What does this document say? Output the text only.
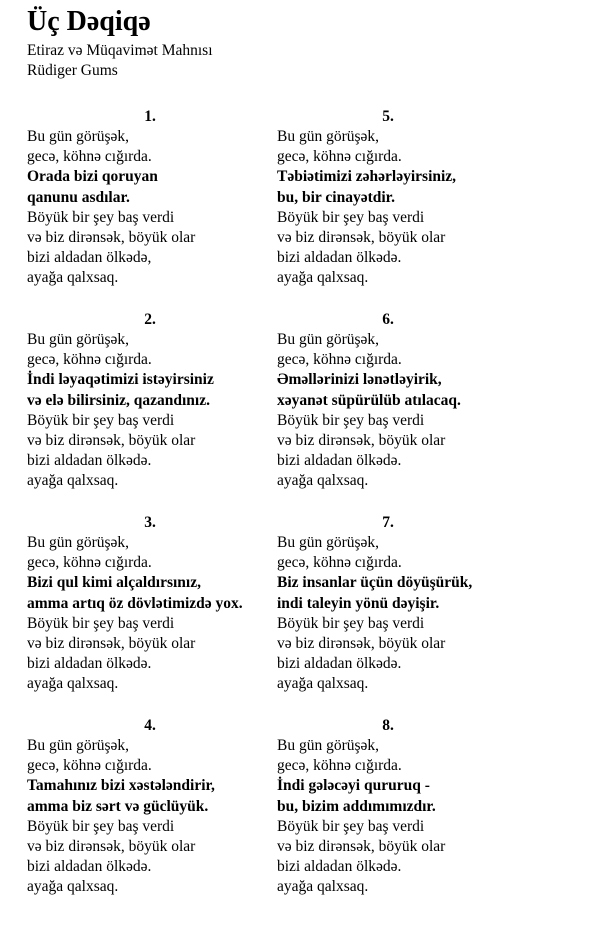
Üç Dəqiqə
Etiraz və Müqavimət Mahnısı
Rüdiger Gums
1.
Bu gün görüşək,
gecə, köhnə cığırda.
Orada bizi qoruyan
qanunu asdılar.
Böyük bir şey baş verdi
və biz dirənsək, böyük olar
bizi aldadan ölkədə,
ayağa qalxsaq.
2.
Bu gün görüşək,
gecə, köhnə cığırda.
İndi ləyaqətimizi istəyirsiniz
və elə bilirsiniz, qazandınız.
Böyük bir şey baş verdi
və biz dirənsək, böyük olar
bizi aldadan ölkədə.
ayağa qalxsaq.
3.
Bu gün görüşək,
gecə, köhnə cığırda.
Bizi qul kimi alçaldırsınız,
amma artıq öz dövlətimizdə yox.
Böyük bir şey baş verdi
və biz dirənsək, böyük olar
bizi aldadan ölkədə.
ayağa qalxsaq.
4.
Bu gün görüşək,
gecə, köhnə cığırda.
Tamahınız bizi xəstələndirir,
amma biz sərt və güclüyük.
Böyük bir şey baş verdi
və biz dirənsək, böyük olar
bizi aldadan ölkədə.
ayağa qalxsaq.
5.
Bu gün görüşək,
gecə, köhnə cığırda.
Təbiətimizi zəhərləyirsiniz,
bu, bir cinayətdir.
Böyük bir şey baş verdi
və biz dirənsək, böyük olar
bizi aldadan ölkədə.
ayağa qalxsaq.
6.
Bu gün görüşək,
gecə, köhnə cığırda.
Əməllərinizi lənətləyirik,
xəyanət süpürülüb atılacaq.
Böyük bir şey baş verdi
və biz dirənsək, böyük olar
bizi aldadan ölkədə.
ayağa qalxsaq.
7.
Bu gün görüşək,
gecə, köhnə cığırda.
Biz insanlar üçün döyüşürük,
indi taleyin yönü dəyişir.
Böyük bir şey baş verdi
və biz dirənsək, böyük olar
bizi aldadan ölkədə.
ayağa qalxsaq.
8.
Bu gün görüşək,
gecə, köhnə cığırda.
İndi gələcəyi qururuq -
bu, bizim addımımızdır.
Böyük bir şey baş verdi
və biz dirənsək, böyük olar
bizi aldadan ölkədə.
ayağa qalxsaq.
